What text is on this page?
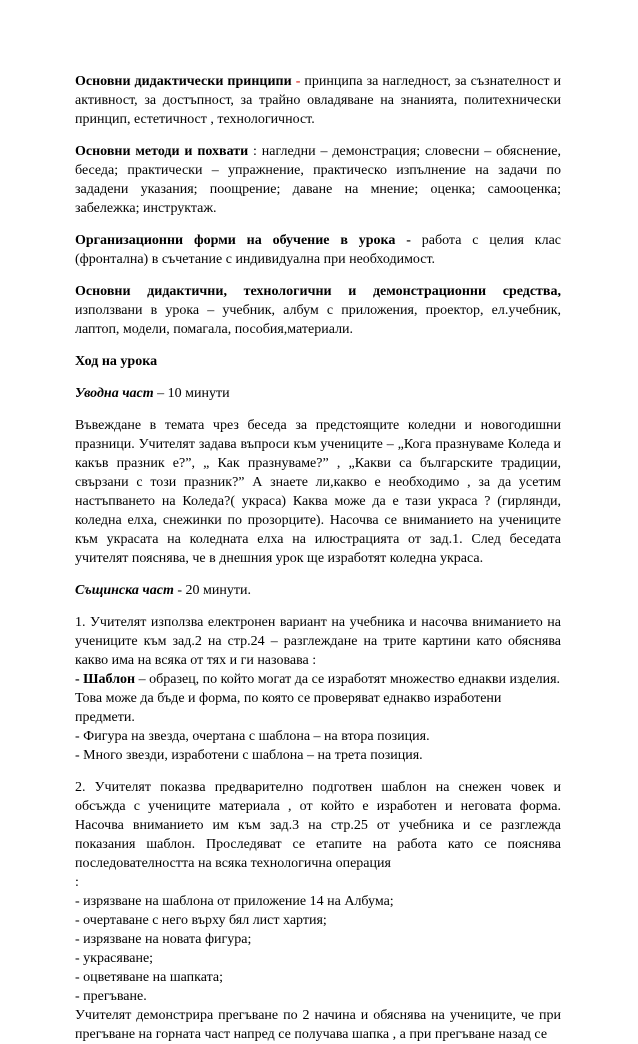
Основни дидактически принципи - принципа за нагледност, за съзнателност и активност, за достъпност, за трайно овладяване на знанията, политехнически принцип, естетичност , технологичност.

Основни методи и похвати : нагледни – демонстрация; словесни – обяснение, беседа; практически – упражнение, практическо изпълнение на задачи по зададени указания; поощрение; даване на мнение; оценка; самооценка; забележка; инструктаж.

Организационни форми на обучение в урока - работа с целия клас (фронтална) в съчетание с индивидуална при необходимост.

Основни дидактични, технологични и демонстрационни средства, използвани в урока – учебник, албум с приложения, проектор, ел.учебник, лаптоп, модели, помагала, пособия,материали.

Ход на урока

Уводна част – 10 минути

Въвеждане в темата чрез беседа за предстоящите коледни и новогодишни празници. Учителят задава въпроси към учениците – „Кога празнуваме Коледа и какъв празник е?”, „ Как празнуваме?” , „Какви са българските традиции, свързани с този празник?” А знаете ли,какво е необходимо , за да усетим настъпването на Коледа?( украса) Каква може да е тази украса ? (гирлянди, коледна елха, снежинки по прозорците). Насочва се вниманието на учениците към украсата на коледната елха на илюстрацията от зад.1. След беседата учителят пояснява, че в днешния урок ще изработят коледна украса.

Същинска част - 20 минути.

1. Учителят използва електронен вариант на учебника и насочва вниманието на учениците към зад.2 на стр.24 – разглеждане на трите картини като обяснява какво има на всяка от тях и ги назовава :
- Шаблон – образец, по който могат да се изработят множество еднакви изделия. Това може да бъде и форма, по която се проверяват еднакво изработени предмети.
- Фигура на звезда, очертана с шаблона – на втора позиция.
- Много звезди, изработени с шаблона – на трета позиция.

2. Учителят показва предварително подготвен шаблон на снежен човек и обсъжда с учениците материала , от който е изработен и неговата форма. Насочва вниманието им към зад.3 на стр.25 от учебника и се разглежда показания шаблон. Проследяват се етапите на работа като се пояснява последователността на всяка технологична операция
:
- изрязване на шаблона от приложение 14 на Албума;
- очертаване с него върху бял лист хартия;
- изрязване на новата фигура;
- украсяване;
- оцветяване на шапката;
- прегъване.
Учителят демонстрира прегъване по 2 начина и обяснява на учениците, че при прегъване на горната част напред се получава шапка , а при прегъване назад се
